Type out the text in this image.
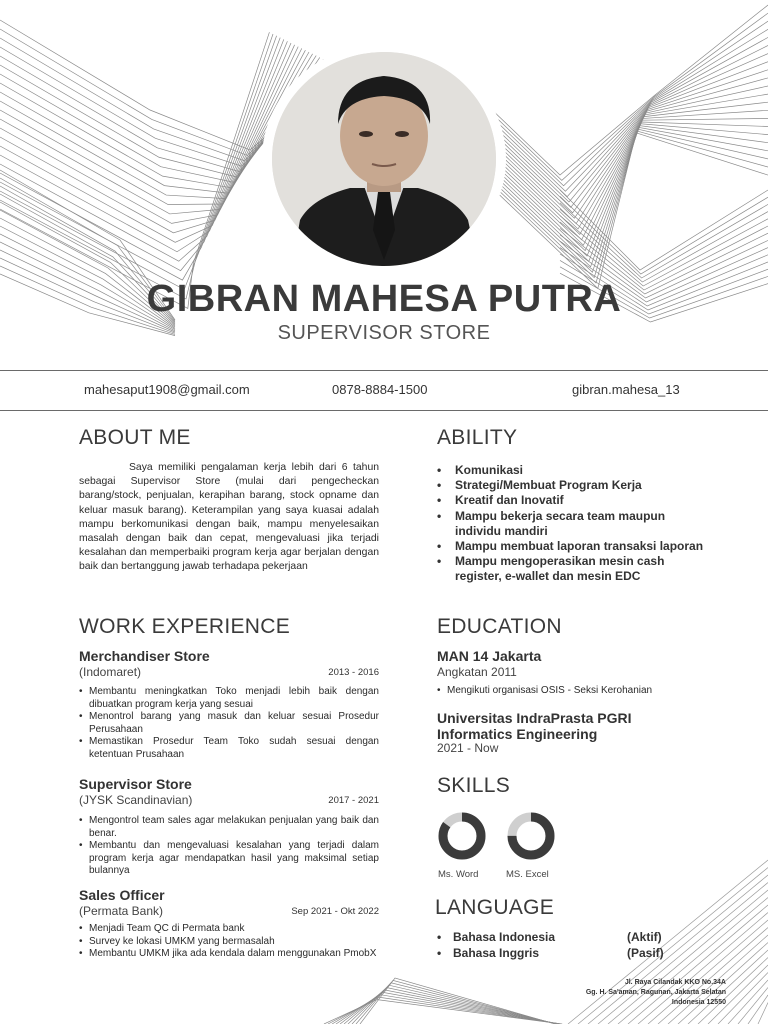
GIBRAN MAHESA PUTRA
SUPERVISOR STORE
mahesaput1908@gmail.com	0878-8884-1500	gibran.mahesa_13
ABOUT ME

Saya memiliki pengalaman kerja lebih dari 6 tahun sebagai Supervisor Store (mulai dari pengecheckan barang/stock, penjualan, kerapihan barang, stock opname dan keluar masuk barang). Keterampilan yang saya kuasai adalah mampu berkomunikasi dengan baik, mampu menyelesaikan masalah dengan baik dan cepat, mengevaluasi jika terjadi kesalahan dan memperbaiki program kerja agar berjalan dengan baik dan bertanggung jawab terhadapa pekerjaan

ABILITY
• Komunikasi
• Strategi/Membuat Program Kerja
• Kreatif dan Inovatif
• Mampu bekerja secara team maupun individu mandiri
• Mampu membuat laporan transaksi laporan
• Mampu mengoperasikan mesin cash register, e-wallet dan mesin EDC
WORK EXPERIENCE
Merchandiser Store
(Indomaret)	2013 - 2016
• Membantu meningkatkan Toko menjadi lebih baik dengan dibuatkan program kerja yang sesuai
• Menontrol barang yang masuk dan keluar sesuai Prosedur Perusahaan
• Memastikan Prosedur Team Toko sudah sesuai dengan ketentuan Prusahaan
Supervisor Store
(JYSK Scandinavian)	2017 - 2021
• Mengontrol team sales agar melakukan penjualan yang baik dan benar.
• Membantu dan mengevaluasi kesalahan yang terjadi dalam program kerja agar mendapatkan hasil yang maksimal setiap bulannya
Sales Officer
(Permata Bank)	Sep 2021 - Okt 2022
• Menjadi Team QC di Permata bank
• Survey ke lokasi UMKM yang bermasalah
• Membantu UMKM jika ada kendala dalam menggunakan PmobX
EDUCATION
MAN 14 Jakarta
Angkatan 2011
• Mengikuti organisasi OSIS - Seksi Kerohanian
Universitas IndraPrasta PGRI
Informatics Engineering
2021 - Now
SKILLS
Ms. Word	MS. Excel
LANGUAGE
• Bahasa Indonesia	(Aktif)
• Bahasa Inggris	(Pasif)
Jl. Raya Cilandak KKO No.34A
Gg. H. Sa'aman, Ragunan, Jakarta Selatan
Indonesia 12550
